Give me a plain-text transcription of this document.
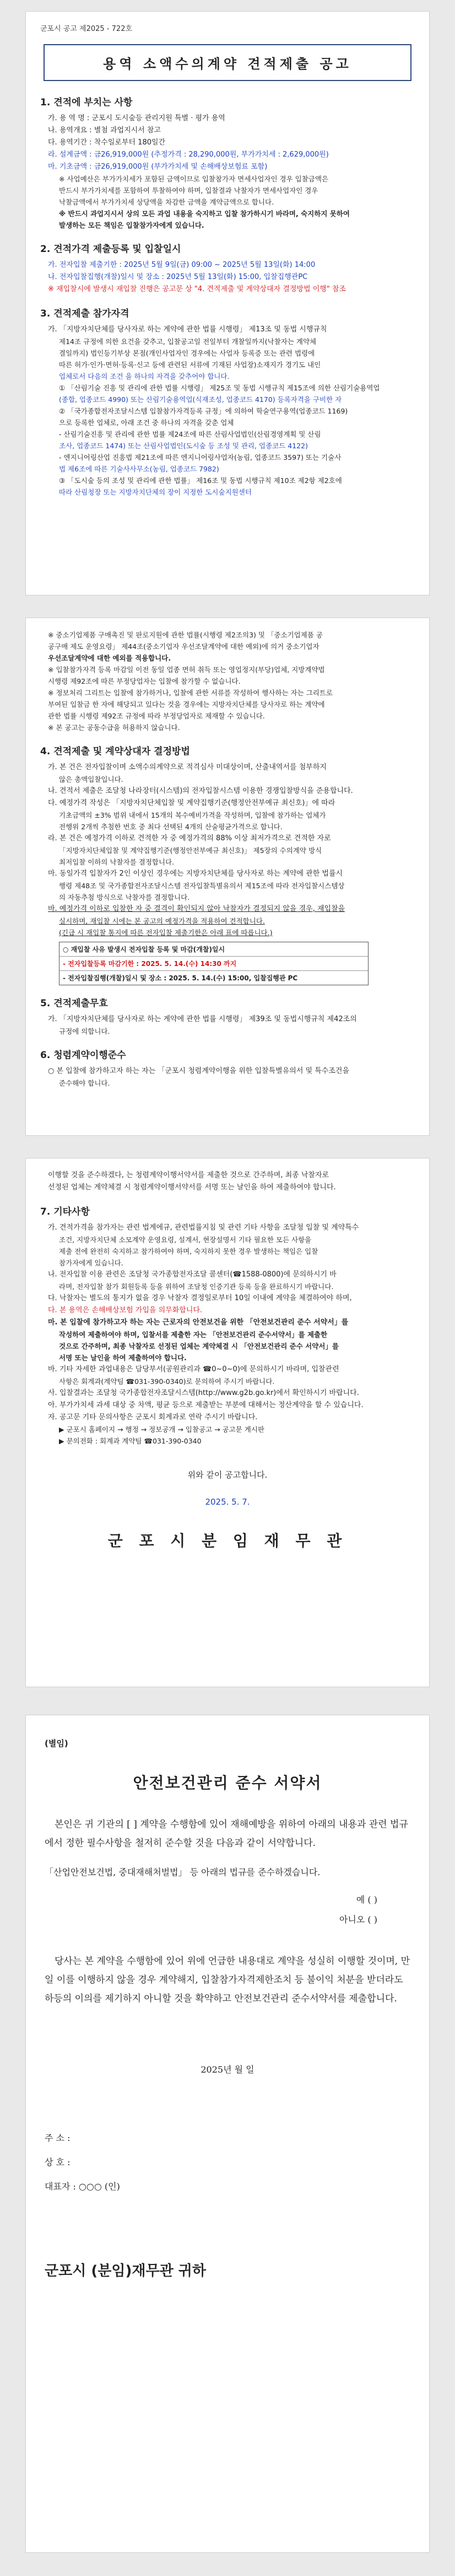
군포시 공고 제2025 - 722호
용역 소액수의계약 견적제출 공고
1. 견적에 부치는 사항
가. 용 역 명 : 군포시 도시숲등 관리지원 특별 · 평가 용역
나. 용역개요 : 별첨 과업지시서 참고
다. 용역기간 : 착수일로부터 180일간
라. 설계금액 : 금26,919,000원 (추정가격 : 28,290,000원, 부가가치세 : 2,629,000원)
마. 기초금액 : 금26,919,000원 (부가가치세 및 손해배상보험료 포함)
※ 사업예산은 부가가치세가 포함된 금액이므로 입찰참가자 면세사업자인 경우 입찰금액은
반드시 부가가치세를 포함하여 투찰하여야 하며, 입찰결과 낙찰자가 면세사업자인 경우
낙찰금액에서 부가가치세 상당액을 차감한 금액을 계약금액으로 합니다.
※ 반드시 과업지시서 상의 모든 과업 내용을 숙지하고 입찰 참가하시기 바라며, 숙지하지 못하여
발생하는 모든 책임은 입찰참가자에게 있습니다.
2. 견적가격 제출등록 및 입찰일시
가. 전자입찰 제출기한 : 2025년 5월 9일(금) 09:00 ~ 2025년 5월 13일(화) 14:00
나. 전자입찰집행(개찰)일시 및 장소 : 2025년 5월 13일(화) 15:00, 입찰집행관PC
※ 재입찰시에 발생시 재입찰 진행은 공고문 상 "4. 견적제출 및 계약상대자 결정방법 이행" 참조
3. 견적제출 참가자격
가. 「지방자치단체를 당사자로 하는 계약에 관한 법률 시행령」 제13조 및 동법 시행규칙
제14조 규정에 의한 요건을 갖추고, 입찰공고일 전일부터 개찰일까지(낙찰자는 계약체
결일까지) 법인등기부상 본점(개인사업자인 경우에는 사업자 등록증 또는 관련 법령에
따른 허가·인가·면허·등록·신고 등에 관련된 서류에 기재된 사업장)소재지가 경기도 내인
업체로서 다음의 조건 을 하나의 자격을 갖추어야 합니다.
① 「산림기술 진흥 및 관리에 관한 법률 시행령」 제25조 및 동법 시행규칙 제15조에 의한 산림기술용역업
(종합, 업종코드 4990) 또는 산림기술용역업(식재조성, 업종코드 4170) 등록자격을 구비한 자
② 「국가종합전자조달시스템 입찰참가자격등록 규정」에 의하여 학술연구용역(업종코드 1169)
으로 등록한 업체로, 아래 조건 중 하나의 자격을 갖춘 업체
- 산림기술진흥 및 관리에 관한 법률 제24조에 따른 산림사업법인(산림경영계획 및 산림
조사, 업종코드 1474) 또는 산림사업법인(도시숲 등 조성 및 관리, 업종코드 4122)
- 엔지니어링산업 진흥법 제21조에 따른 엔지니어링사업자(농림, 업종코드 3597) 또는 기술사
법 제6조에 따른 기술사사무소(농림, 업종코드 7982)
③ 「도시숲 등의 조성 및 관리에 관한 법률」 제16조 및 동법 시행규칙 제10조 제2항 제2호에
따라 산림청장 또는 지방자치단체의 장이 지정한 도시숲지원센터
※ 중소기업제품 구매촉진 및 판로지원에 관한 법률(시행령 제2조의3) 및 「중소기업제품 공
공구매 제도 운영요령」 제44조(중소기업자 우선조달계약에 대한 예외)에 의거 중소기업자
우선조달계약에 대한 예외를 적용합니다.
※ 입찰참가자격 등록 마감일 이전 동일 업종 면허 취득 또는 영업정지(부당)업체, 지방계약법
시행령 제92조에 따른 부정당업자는 입찰에 참가할 수 없습니다.
※ 정보처리 그리트는 입찰에 참가하거나, 입찰에 관한 서류를 작성하여 행사하는 자는 그리트로
부여된 입찰금 한 자에 해당되고 있다는 것을 경우에는 지방자치단체를 당사자로 하는 계약에
관한 법률 시행령 제92조 규정에 따라 부정당업자로 제재할 수 있습니다.
※ 본 공고는 공동수급을 허용하지 않습니다.
4. 견적제출 및 계약상대자 결정방법
가. 본 건은 전자입찰이며 소액수의계약으로 적격심사 미대상이며, 산출내역서를 첨부하지
않은 총액입찰입니다.
나. 견적서 제출은 조달청 나라장터(시스템)의 전자입찰시스템 이용한 경쟁입찰방식을 준용합니다.
다. 예정가격 작성은 「지방자치단체입찰 및 계약집행기준(행정안전부예규 최신호)」에 따라
기초금액의 ±3% 범위 내에서 15개의 복수예비가격을 작성하며, 입찰에 참가하는 업체가
전행위 2개씩 추첨한 번호 중 최다 선택된 4개의 산술평균가격으로 합니다.
라. 본 건은 예정가격 이하로 견적한 자 중 예정가격의 88% 이상 최저가격으로 견적한 자로
「지방자치단체입찰 및 계약집행기준(행정안전부예규 최신호)」 제5장의 수의계약 방식
최저입찰 이하의 낙찰자를 결정합니다.
마. 동일가격 입찰자가 2인 이상인 경우에는 지방자치단체를 당사자로 하는 계약에 관한 법률시
행령 제48조 및 국가종합전자조달시스템 전자입찰특별유의서 제15조에 따라 전자입찰시스템상
의 자동추첨 방식으로 낙찰자를 결정합니다.
바. 예정가격 이하로 입찰한 자 중 결격이 확인되지 않아 낙찰자가 결정되지 않을 경우, 재입찰을
실시하며, 재입찰 시에는 본 공고의 예정가격을 적용하여 견적합니다.
(긴급 시 재입찰 통지에 따른 전자입찰 제출기한은 아래 표에 따릅니다.)
○ 재입찰 사유 발생시 전자입찰 등록 및 마감(개찰)일시
- 전자입찰등록 마감기한 : 2025. 5. 14.(수) 14:30 까지
- 전자입찰집행(개찰)일시 및 장소 : 2025. 5. 14.(수) 15:00, 입찰집행관 PC
5. 견적제출무효
가. 「지방자치단체를 당사자로 하는 계약에 관한 법률 시행령」 제39조 및 동법시행규칙 제42조의
규정에 의합니다.
6. 청렴계약이행준수
○ 본 입찰에 참가하고자 하는 자는 「군포시 청렴계약이행을 위한 입찰특별유의서 및 특수조건을
준수해야 합니다.
이행할 것을 준수하겠다, 는 청렴계약이행서약서를 제출한 것으로 간주하며, 최종 낙찰자로
선정된 업체는 계약체결 시 청렴계약이행서약서를 서명 또는 날인을 하여 제출하여야 합니다.
7. 기타사항
가. 견적가격을 참가자는 관련 법계에규, 관련법률지침 및 관련 기타 사항을 조달청 입찰 및 계약특수
조건, 지방자치단체 소모계약 운영요령, 설계서, 현장설명서 기타 필요한 모든 사항을
제출 전에 완전히 숙지하고 참가하여야 하며, 숙지하지 못한 경우 발생하는 책임은 입찰
참가자에게 있습니다.
나. 전자입찰 이용 관련은 조달청 국가종합전자조달 콜센터(☎1588-0800)에 문의하시기 바
라며, 전자입찰 참가 회원등록 등을 위하여 조달청 인증기관 등록 등을 완료하시기 바랍니다.
다. 낙찰자는 별도의 통지가 없을 경우 낙찰자 결정일로부터 10일 이내에 계약을 체결하여야 하며,
다. 본 용역은 손해배상보험 가입을 의무화합니다.
마. 본 입찰에 참가하고자 하는 자는 근로자의 안전보건을 위한 「안전보건관리 준수 서약서」를
작성하여 제출하여야 하며, 입찰서를 제출한 자는 「안전보건관리 준수서약서」를 제출한
것으로 간주하며, 최종 낙찰자로 선정된 업체는 계약체결 시 「안전보건관리 준수 서약서」를
서명 또는 날인을 하여 제출하여야 합니다.
바. 기타 자세한 과업내용은 담당부서(공원관리과 ☎0~0~0)에 문의하시기 바라며, 입찰관련
사항은 회계과(계약팀 ☎031-390-0340)로 문의하여 주시기 바랍니다.
사. 입찰결과는 조달청 국가종합전자조달시스템(http://www.g2b.go.kr)에서 확인하시기 바랍니다.
아. 부가가치세 과세 대상 중 차액, 평균 등으로 제출받는 부분에 대해서는 정산계약을 할 수 있습니다.
자. 공고문 기타 문의사항은 군포시 회계과로 연락 주시기 바랍니다.
▶ 군포시 홈페이지 → 행정 → 정보공개 → 입찰공고 → 공고문 게시판
▶ 문의전화 : 회계과 계약팀 ☎031-390-0340
위와 같이 공고합니다.
2025. 5. 7.
군 포 시 분 임 재 무 관
(별임)
안전보건관리 준수 서약서
본인은 귀 기관의 [ ] 계약을 수행함에 있어 재해예방을 위하여 아래의 내용과 관련 법규에서 정한 필수사항을 철저히 준수할 것을 다음과 같이 서약합니다.
「산업안전보건법, 중대재해처벌법」 등 아래의 법규를 준수하겠습니다.
예 ( )
아니오 ( )
당사는 본 계약을 수행함에 있어 위에 언급한 내용대로 계약을 성실히 이행할 것이며, 만일 이를 이행하지 않을 경우 계약해지, 입찰참가자격제한조치 등 불이익 처분을 받더라도 하등의 이의를 제기하지 아니할 것을 확약하고 안전보건관리 준수서약서를 제출합니다.
2025년 월 일
주 소 :
상 호 :
대표자 : ○○○ (인)
군포시 (분임)재무관 귀하
